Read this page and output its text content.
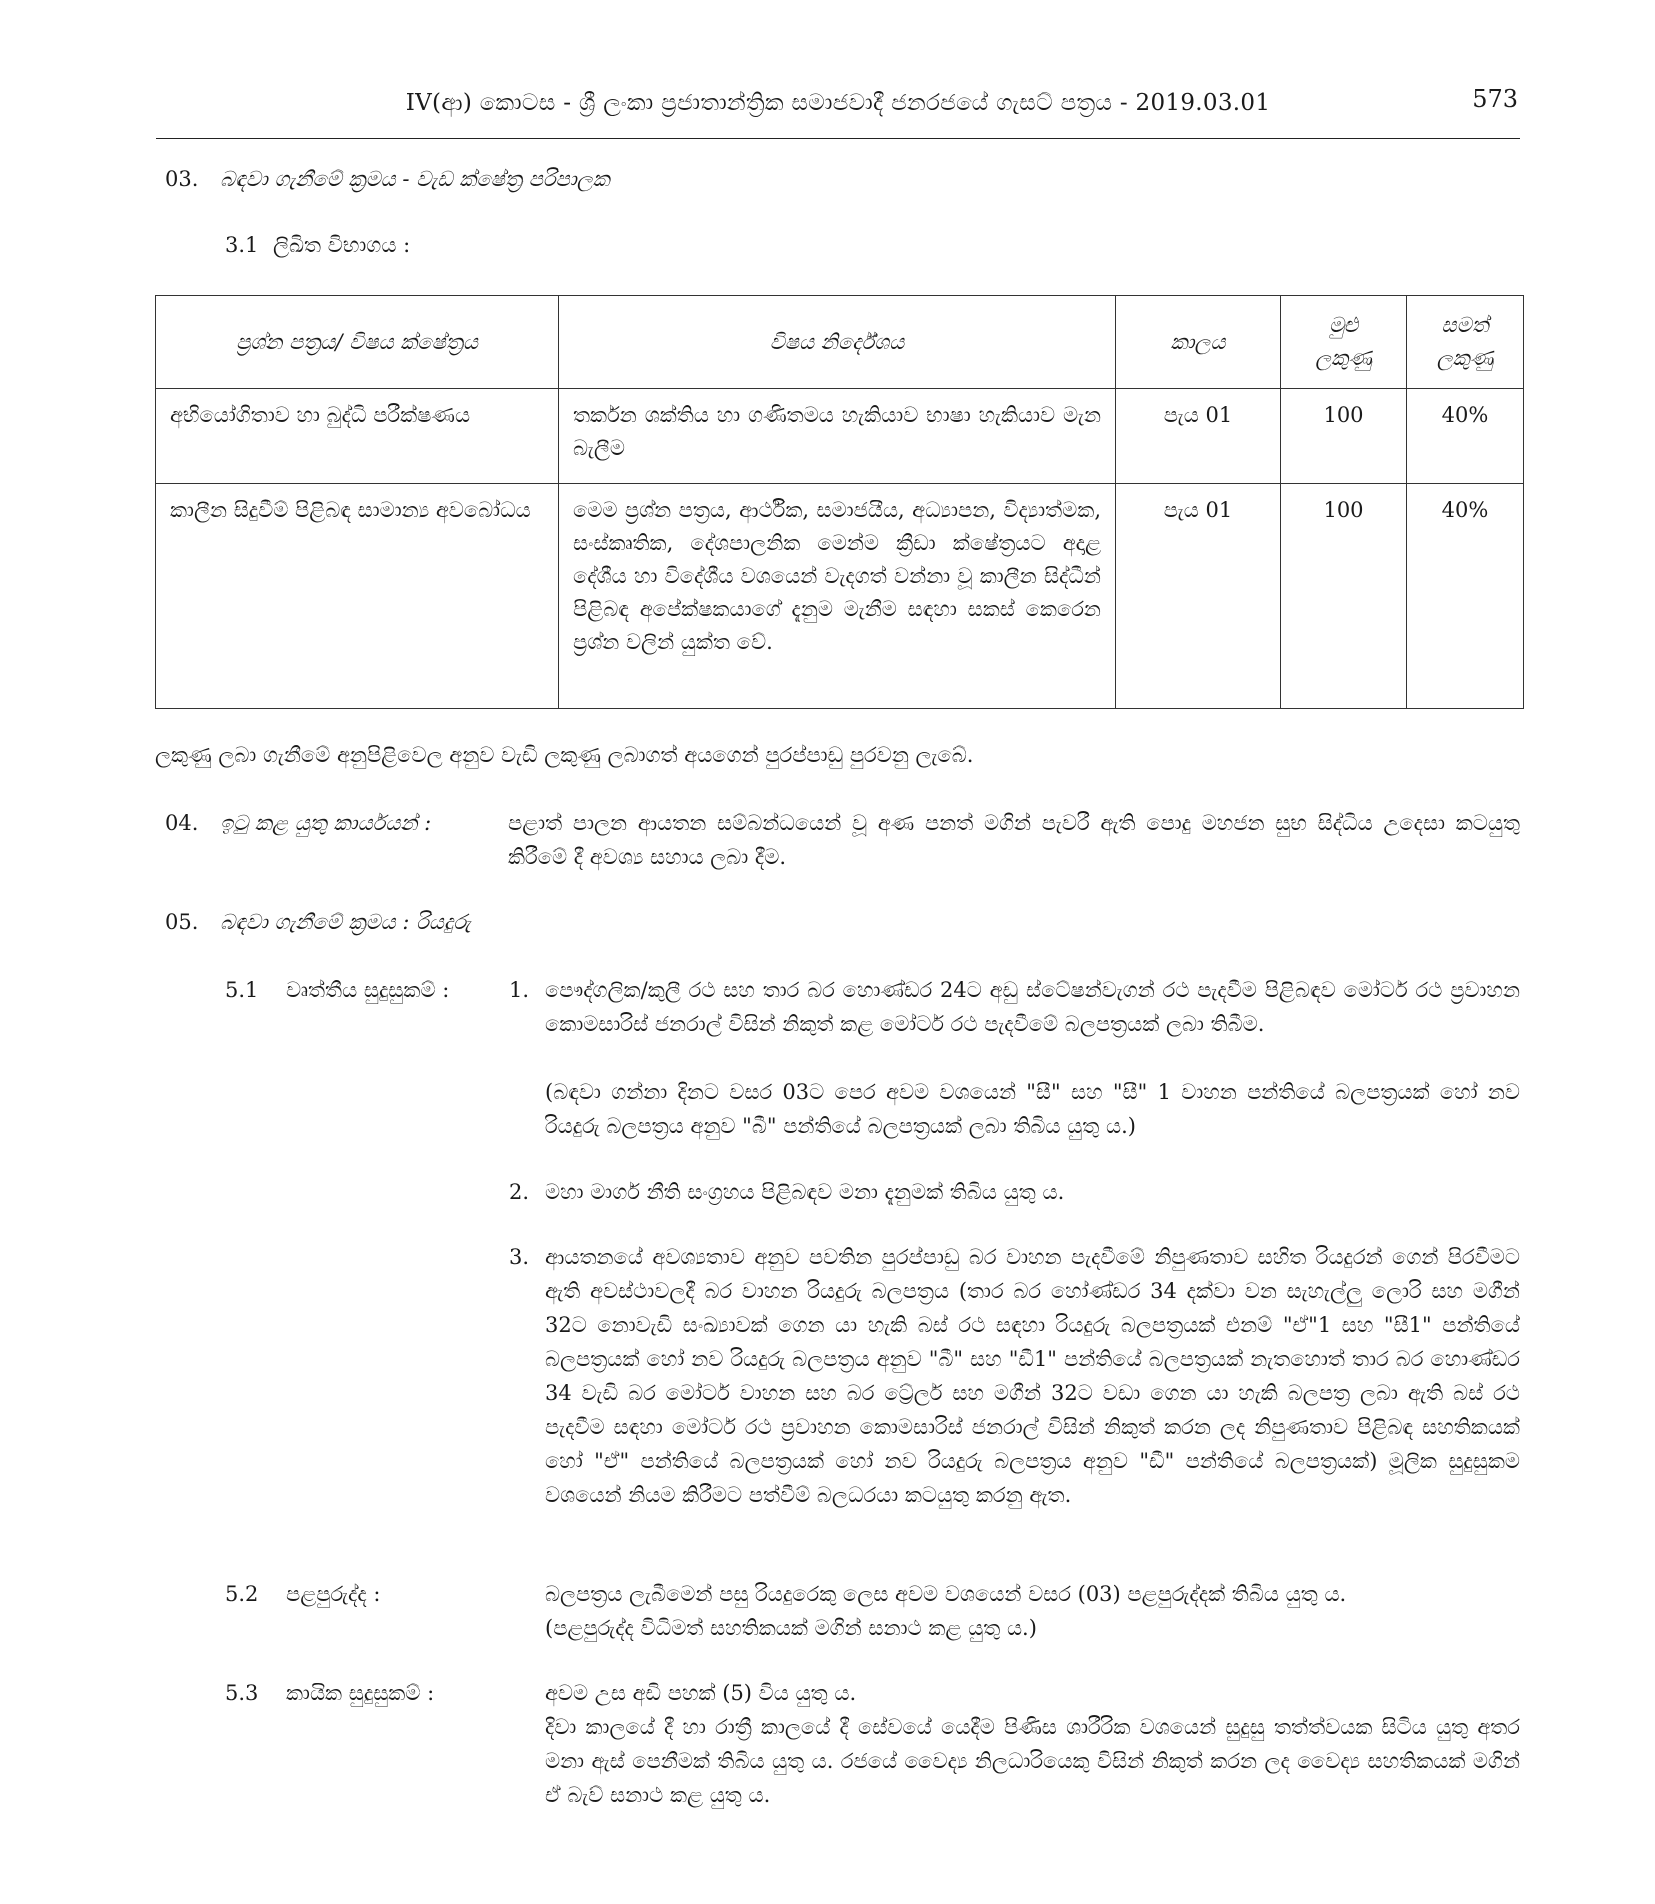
IV(ආ) කොටස - ශ්‍රී ලංකා ප්‍රජාතාන්ත්‍රික සමාජවාදී ජනරජයේ ගැසට් පත්‍රය - 2019.03.01	573
03. බඳවා ගැනීමේ ක්‍රමය - වැඩ ක්ෂේත්‍ර පරිපාලක
3.1 ලිඛිත විභාගය :
ප්‍රශ්න පත්‍රය/ විෂය ක්ෂේත්‍රය	විෂය නිර්දේශය	කාලය	මුළු ලකුණු	සමත් ලකුණු
අභියෝගිතාව හා බුද්ධි පරීක්ෂණය	තර්කන ශක්තිය හා ගණිතමය හැකියාව භාෂා හැකියාව මැන බැලීම	පැය 01	100	40%
කාලීන සිදුවීම් පිළිබඳ සාමාන්‍ය අවබෝධය	මෙම ප්‍රශ්න පත්‍රය, ආර්ථික, සමාජයීය, අධ්‍යාපන, විද්‍යාත්මක, සංස්කෘතික, දේශපාලනික මෙන්ම ක්‍රීඩා ක්ෂේත්‍රයට අදාළ දේශීය හා විදේශීය වශයෙන් වැදගත් වන්නා වූ කාලීන සිද්ධීන් පිළිබඳ අපේක්ෂකයාගේ දැනුම මැනීම සඳහා සකස් කෙරෙන ප්‍රශ්න වලින් යුක්ත වේ.	පැය 01	100	40%
ලකුණු ලබා ගැනීමේ අනුපිළිවෙල අනුව වැඩි ලකුණු ලබාගත් අයගෙන් පුරප්පාඩු පුරවනු ලැබේ.
04. ඉටු කළ යුතු කාර්යයන් :	පළාත් පාලන ආයතන සම්බන්ධයෙන් වූ අණ පනත් මගින් පැවරී ඇති පොදු මහජන සුභ සිද්ධිය උදෙසා කටයුතු කිරීමේ දී අවශ්‍ය සහාය ලබා දීම.
05. බඳවා ගැනීමේ ක්‍රමය : රියදුරු
5.1 වෘත්තීය සුදුසුකම් :	1. පෞද්ගලික/කුලී රථ සහ තාර බර හොණ්ඩර 24ට අඩු ස්ටේෂන්වැගන් රථ පැදවීම පිළිබඳව මෝටර් රථ ප්‍රවාහන කොමසාරිස් ජනරාල් විසින් නිකුත් කළ මෝටර් රථ පැදවීමේ බලපත්‍රයක් ලබා තිබීම.
(බඳවා ගන්නා දිනට වසර 03ට පෙර අවම වශයෙන් "සී" සහ "සී" 1 වාහන පන්තියේ බලපත්‍රයක් හෝ නව රියදුරු බලපත්‍රය අනුව "බී" පන්තියේ බලපත්‍රයක් ලබා තිබිය යුතු ය.)
2. මහා මාර්ග නීති සංග්‍රහය පිළිබඳව මනා දැනුමක් තිබිය යුතු ය.
3. ආයතනයේ අවශ්‍යතාව අනුව පවතින පුරප්පාඩු බර වාහන පැදවීමේ නිපුණතාව සහිත රියදුරන් ගෙන් පිරවීමට ඇති අවස්ථාවලදී බර වාහන රියදුරු බලපත්‍රය (තාර බර හෝණ්ඩර 34 දක්වා වන සැහැල්ලු ලොරි සහ මගීන් 32ට නොවැඩි සංඛ්‍යාවක් ගෙන යා හැකි බස් රථ සඳහා රියදුරු බලපත්‍රයක් එනම් "ඒ"1 සහ "සී1" පන්තියේ බලපත්‍රයක් හෝ නව රියදුරු බලපත්‍රය අනුව "බී" සහ "ඩී1" පන්තියේ බලපත්‍රයක් නැතහොත් තාර බර හොණ්ඩර 34 වැඩි බර මෝටර් වාහන සහ බර ට්‍රේලර් සහ මගීන් 32ට වඩා ගෙන යා හැකි බලපත්‍ර ලබා ඇති බස් රථ පැදවීම සඳහා මෝටර් රථ ප්‍රවාහන කොමසාරිස් ජනරාල් විසින් නිකුත් කරන ලද නිපුණතාව පිළිබඳ සහතිකයක් හෝ "ඒ" පන්තියේ බලපත්‍රයක් හෝ නව රියදුරු බලපත්‍රය අනුව "ඩී" පන්තියේ බලපත්‍රයක්) මූලික සුදුසුකම වශයෙන් නියම කිරීමට පත්වීම් බලධරයා කටයුතු කරනු ඇත.
5.2 පළපුරුද්ද :	බලපත්‍රය ලැබීමෙන් පසු රියදුරෙකු ලෙස අවම වශයෙන් වසර (03) පළපුරුද්දක් තිබිය යුතු ය.
(පළපුරුද්ද විධිමත් සහතිකයක් මගින් සනාථ කළ යුතු ය.)
5.3 කායික සුදුසුකම් :	අවම උස අඩි පහක් (5) විය යුතු ය.
දිවා කාලයේ දී හා රාත්‍රී කාලයේ දී සේවයේ යෙදීම පිණිස ශාරීරික වශයෙන් සුදුසු තත්ත්වයක සිටිය යුතු අතර මනා ඇස් පෙනීමක් තිබිය යුතු ය. රජයේ වෛද්‍ය නිලධාරියෙකු විසින් නිකුත් කරන ලද වෛද්‍ය සහතිකයක් මගින් ඒ බැව් සනාථ කළ යුතු ය.
